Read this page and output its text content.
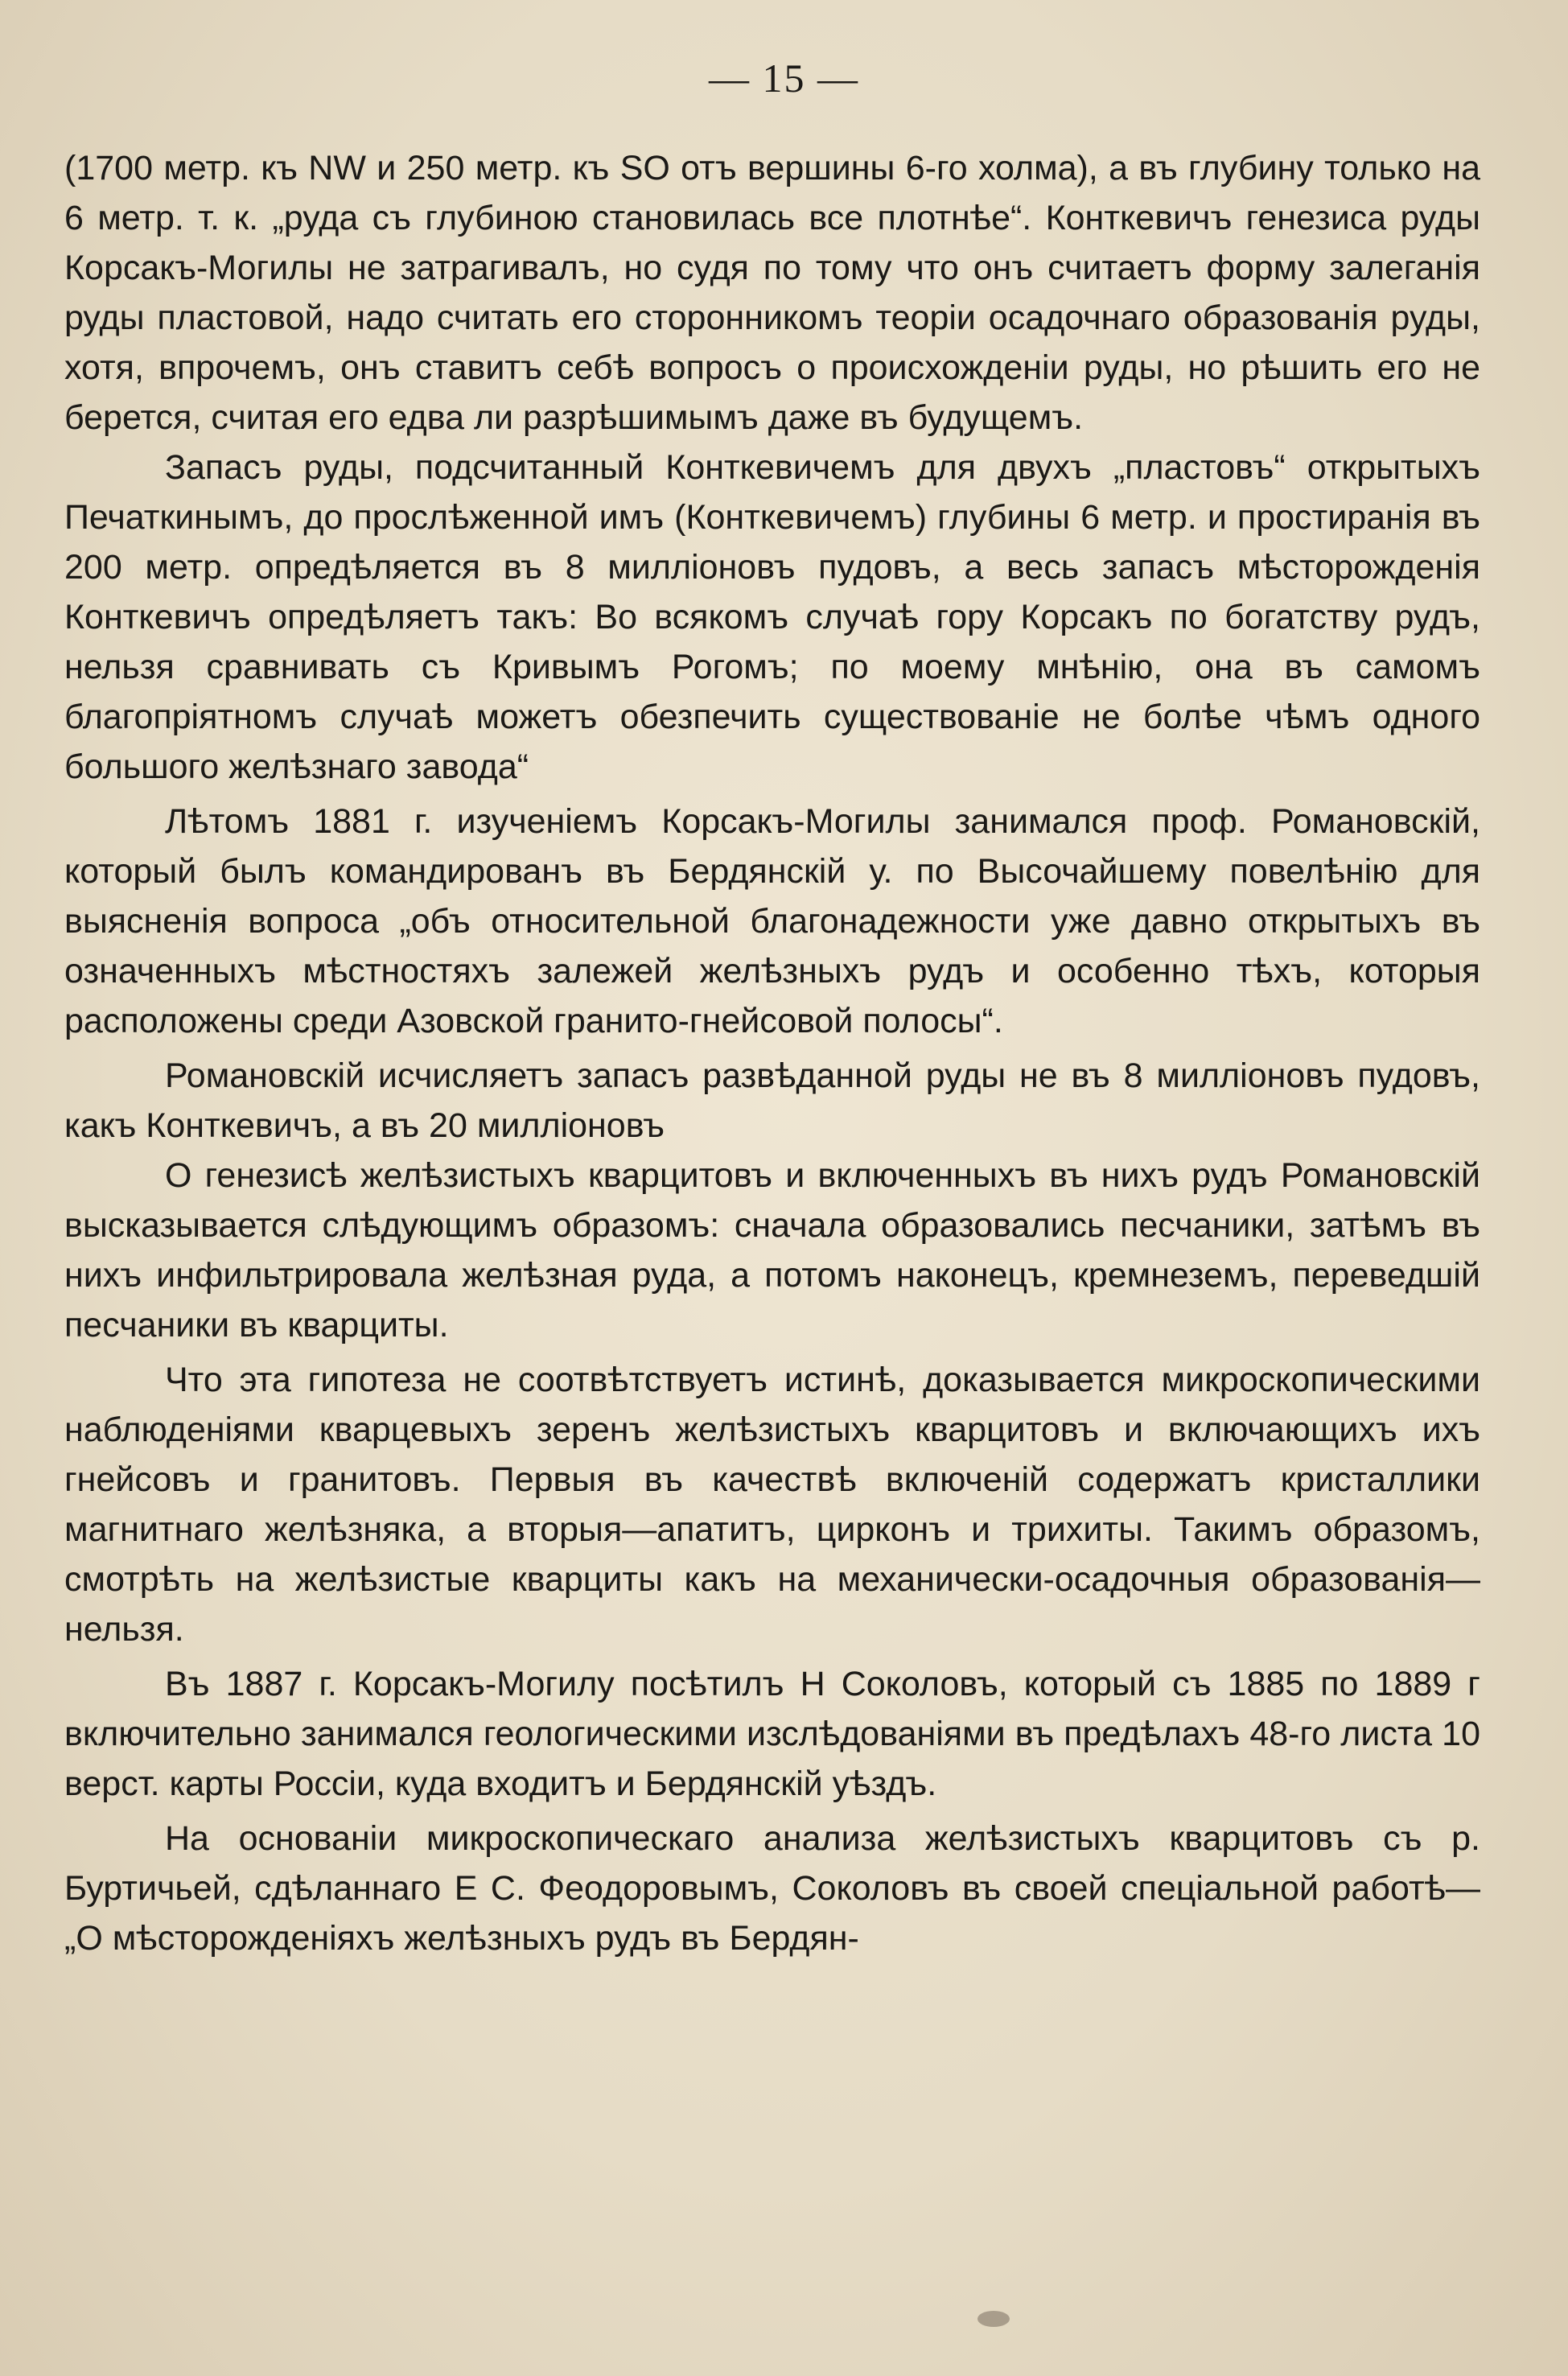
— 15 —

(1700 метр. къ NW и 250 метр. къ SO отъ вершины 6-го холма), а въ глубину только на 6 метр. т. к. „руда съ глубиною становилась все плотнѣе“. Конткевичъ генезиса руды Корсакъ-Могилы не затрагивалъ, но судя по тому что онъ считаетъ форму залеганія руды пластовой, надо считать его сторонникомъ теоріи осадочнаго образованія руды, хотя, впрочемъ, онъ ставитъ себѣ вопросъ о происхожденіи руды, но рѣшить его не берется, считая его едва ли разрѣшимымъ даже въ будущемъ.

Запасъ руды, подсчитанный Конткевичемъ для двухъ „пластовъ“ открытыхъ Печаткинымъ, до прослѣженной имъ (Конткевичемъ) глубины 6 метр. и простиранія въ 200 метр. опредѣляется въ 8 милліоновъ пудовъ, а весь запасъ мѣсторожденія Конткевичъ опредѣляетъ такъ: Во всякомъ случаѣ гору Корсакъ по богатству рудъ, нельзя сравнивать съ Кривымъ Рогомъ; по моему мнѣнію, она въ самомъ благопріятномъ случаѣ можетъ обезпечить существованіе не болѣе чѣмъ одного большого желѣзнаго завода“

Лѣтомъ 1881 г. изученіемъ Корсакъ-Могилы занимался проф. Романовскій, который былъ командированъ въ Бердянскій у. по Высочайшему повелѣнію для выясненія вопроса „объ относительной благонадежности уже давно открытыхъ въ означенныхъ мѣстностяхъ залежей желѣзныхъ рудъ и особенно тѣхъ, которыя расположены среди Азовской гранито-гнейсовой полосы“.

Романовскій исчисляетъ запасъ развѣданной руды не въ 8 милліоновъ пудовъ, какъ Конткевичъ, а въ 20 милліоновъ

О генезисѣ желѣзистыхъ кварцитовъ и включенныхъ въ нихъ рудъ Романовскій высказывается слѣдующимъ образомъ: сначала образовались песчаники, затѣмъ въ нихъ инфильтрировала желѣзная руда, а потомъ наконецъ, кремнеземъ, переведшій песчаники въ кварциты.

Что эта гипотеза не соотвѣтствуетъ истинѣ, доказывается микроскопическими наблюденіями кварцевыхъ зеренъ желѣзистыхъ кварцитовъ и включающихъ ихъ гнейсовъ и гранитовъ. Первыя въ качествѣ включеній содержатъ кристаллики магнитнаго желѣзняка, а вторыя—апатитъ, цирконъ и трихиты. Такимъ образомъ, смотрѣть на желѣзистые кварциты какъ на механически-осадочныя образованія—нельзя.

Въ 1887 г. Корсакъ-Могилу посѣтилъ Н Соколовъ, который съ 1885 по 1889 г включительно занимался геологическими изслѣдованіями въ предѣлахъ 48-го листа 10 верст. карты Россіи, куда входитъ и Бердянскій уѣздъ.

На основаніи микроскопическаго анализа желѣзистыхъ кварцитовъ съ р. Буртичьей, сдѣланнаго Е С. Феодоровымъ, Соколовъ въ своей спеціальной работѣ—„О мѣсторожденіяхъ желѣзныхъ рудъ въ Бердян-
